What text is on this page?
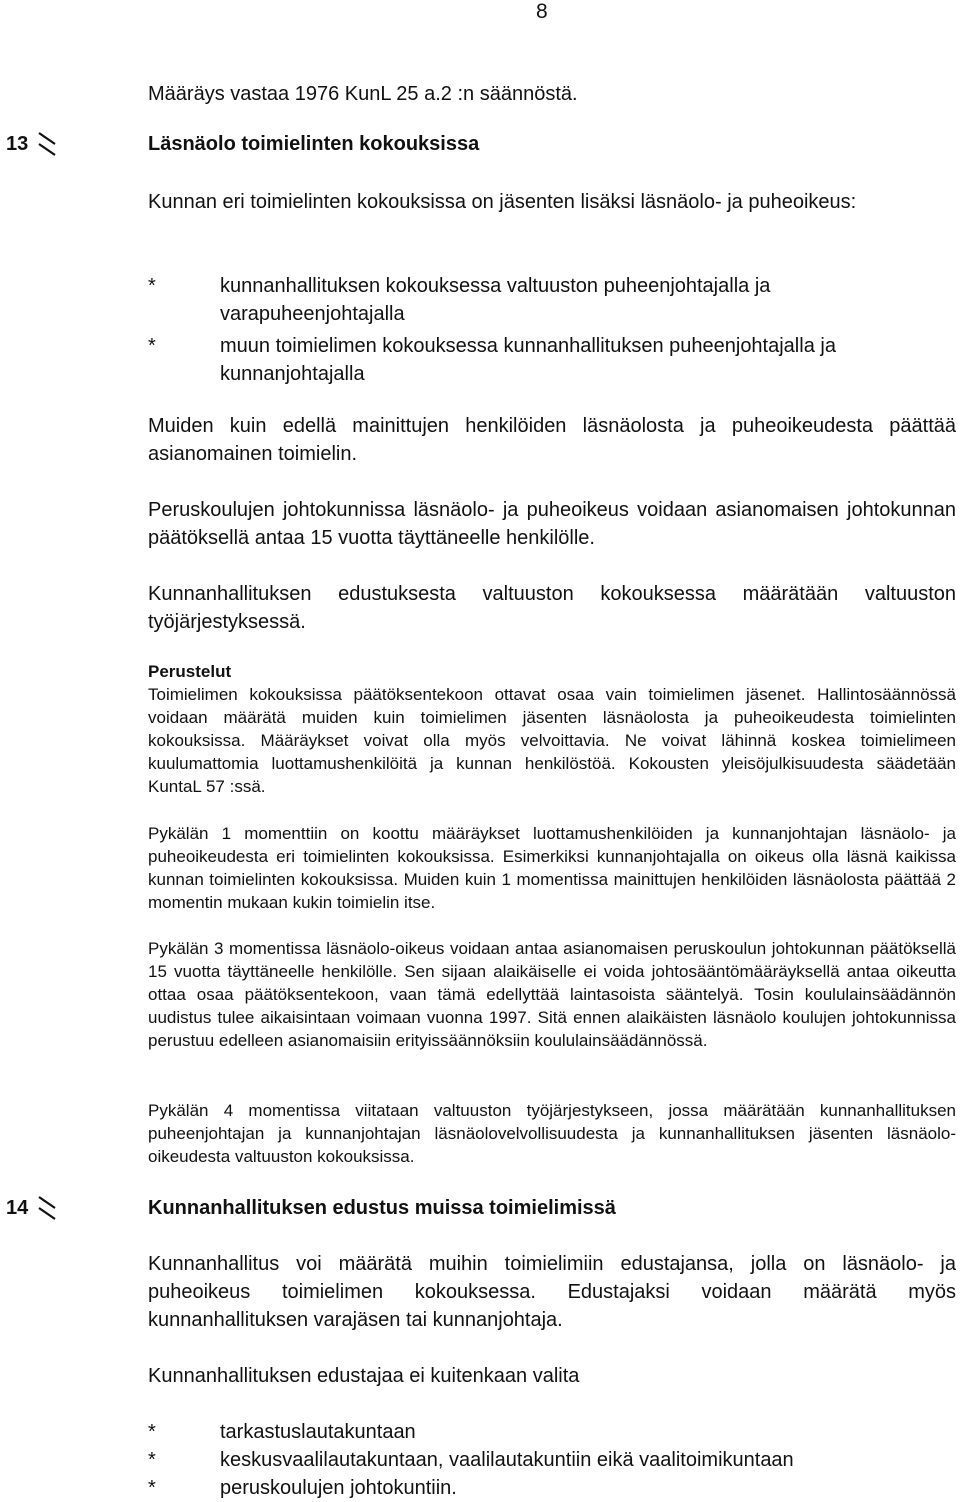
8
Määräys vastaa 1976 KunL 25 a.2 :n säännöstä.
13	Läsnäolo toimielinten kokouksissa
Kunnan eri toimielinten kokouksissa on jäsenten lisäksi läsnäolo- ja puheoikeus:
*	kunnanhallituksen kokouksessa valtuuston puheenjohtajalla ja varapuheenjohtajalla
*	muun toimielimen kokouksessa kunnanhallituksen puheenjohtajalla ja kunnanjohtajalla
Muiden kuin edellä mainittujen henkilöiden läsnäolosta ja puheoikeudesta päättää asianomainen toimielin.
Peruskoulujen johtokunnissa läsnäolo- ja puheoikeus voidaan asianomaisen johtokunnan päätöksellä antaa 15 vuotta täyttäneelle henkilölle.
Kunnanhallituksen edustuksesta valtuuston kokouksessa määrätään valtuuston työjärjestyksessä.
Perustelut
Toimielimen kokouksissa päätöksentekoon ottavat osaa vain toimielimen jäsenet. Hallintosäännössä voidaan määrätä muiden kuin toimielimen jäsenten läsnäolosta ja puheoikeudesta toimielinten kokouksissa. Määräykset voivat olla myös velvoittavia. Ne voivat lähinnä koskea toimielimeen kuulumattomia luottamushenkilöitä ja kunnan henkilöstöä. Kokousten yleisöjulkisuudesta säädetään KuntaL 57 :ssä.
Pykälän 1 momenttiin on koottu määräykset luottamushenkilöiden ja kunnanjohtajan läsnäolo- ja puheoikeudesta eri toimielinten kokouksissa. Esimerkiksi kunnanjohtajalla on oikeus olla läsnä kaikissa kunnan toimielinten kokouksissa. Muiden kuin 1 momentissa mainittujen henkilöiden läsnäolosta päättää 2 momentin mukaan kukin toimielin itse.
Pykälän 3 momentissa läsnäolo-oikeus voidaan antaa asianomaisen peruskoulun johtokunnan päätöksellä 15 vuotta täyttäneelle henkilölle. Sen sijaan alaikäiselle ei voida johtosääntömääräyksellä antaa oikeutta ottaa osaa päätöksentekoon, vaan tämä edellyttää laintasoista sääntelyä. Tosin koululainsäädännön uudistus tulee aikaisintaan voimaan vuonna 1997. Sitä ennen alaikäisten läsnäolo koulujen johtokunnissa perustuu edelleen asianomaisiin erityissäännöksiin koululainsäädännössä.
Pykälän 4 momentissa viitataan valtuuston työjärjestykseen, jossa määrätään kunnanhallituksen puheenjohtajan ja kunnanjohtajan läsnäolovelvollisuudesta ja kunnanhallituksen jäsenten läsnäolo-oikeudesta valtuuston kokouksissa.
14	Kunnanhallituksen edustus muissa toimielimissä
Kunnanhallitus voi määrätä muihin toimielimiin edustajansa, jolla on läsnäolo- ja puheoikeus toimielimen kokouksessa. Edustajaksi voidaan määrätä myös kunnanhallituksen varajäsen tai kunnanjohtaja.
Kunnanhallituksen edustajaa ei kuitenkaan valita
*	tarkastuslautakuntaan
*	keskusvaalilautakuntaan, vaalilautakuntiin eikä vaalitoimikuntaan
*	peruskoulujen johtokuntiin.
